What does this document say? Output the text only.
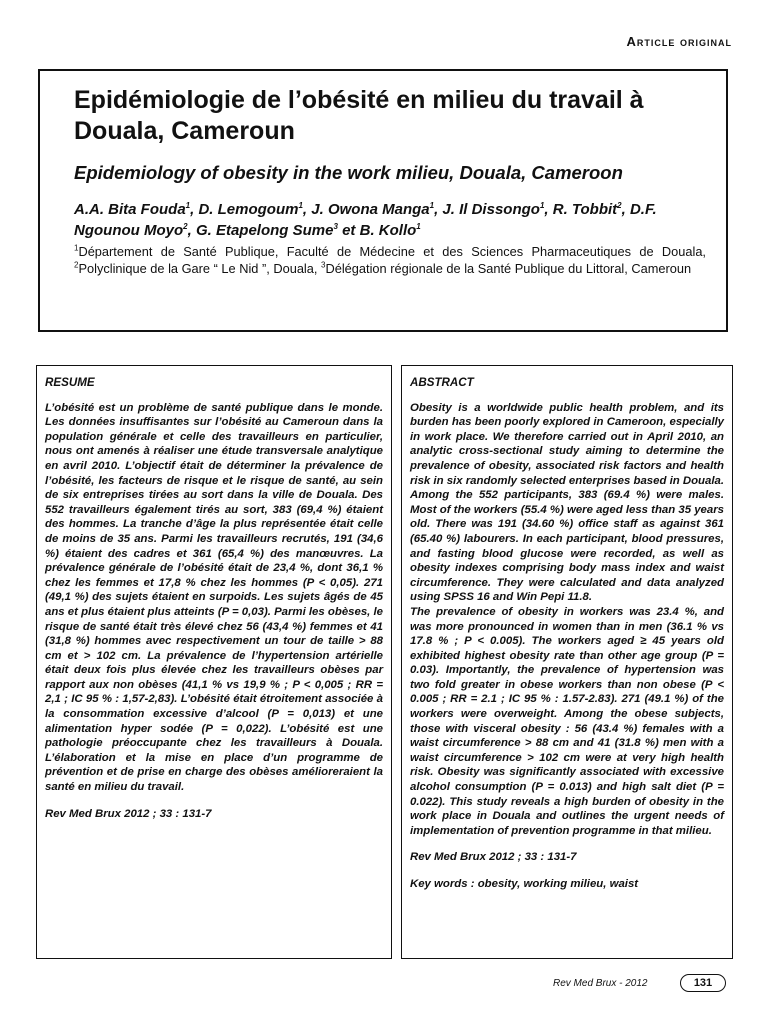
Article original
Epidémiologie de l’obésité en milieu du travail à Douala, Cameroun
Epidemiology of obesity in the work milieu, Douala, Cameroon

A.A. Bita Fouda$^1$, D. Lemogoum$^1$, J. Owona Manga$^1$, J. Il Dissongo$^1$, R. Tobbit$^2$, D.F. Ngounou Moyo$^2$, G. Etapelong Sume$^3$ et B. Kollo$^1$

$^1$Département de Santé Publique, Faculté de Médecine et des Sciences Pharmaceutiques de Douala, $^2$Polyclinique de la Gare “ Le Nid ”, Douala, $^3$Délégation régionale de la Santé Publique du Littoral, Cameroun

RESUME

L’obésité est un problème de santé publique dans le monde. Les données insuffisantes sur l’obésité au Cameroun dans la population générale et celle des travailleurs en particulier, nous ont amenés à réaliser une étude transversale analytique en avril 2010. L’objectif était de déterminer la prévalence de l’obésité, les facteurs de risque et le risque de santé, au sein de six entreprises tirées au sort dans la ville de Douala. Des 552 travailleurs également tirés au sort, 383 (69,4 %) étaient des hommes. La tranche d’âge la plus représentée était celle de moins de 35 ans. Parmi les travailleurs recrutés, 191 (34,6 %) étaient des cadres et 361 (65,4 %) des manœuvres. La prévalence générale de l’obésité était de 23,4 %, dont 36,1 % chez les femmes et 17,8 % chez les hommes (P < 0,05). 271 (49,1 %) des sujets étaient en surpoids. Les sujets âgés de 45 ans et plus étaient plus atteints (P = 0,03). Parmi les obèses, le risque de santé était très élevé chez 56 (43,4 %) femmes et 41 (31,8 %) hommes avec respectivement un tour de taille > 88 cm et > 102 cm. La prévalence de l’hypertension artérielle était deux fois plus élevée chez les travailleurs obèses par rapport aux non obèses (41,1 % vs 19,9 % ; P < 0,005 ; RR = 2,1 ; IC 95 % : 1,57-2,83). L’obésité était étroitement associée à la consommation excessive d’alcool (P = 0,013) et une alimentation hyper sodée (P = 0,022). L’obésité est une pathologie préoccupante chez les travailleurs à Douala. L’élaboration et la mise en place d’un programme de prévention et de prise en charge des obèses amélioreraient la santé en milieu du travail.

Rev Med Brux 2012 ; 33 : 131-7

ABSTRACT

Obesity is a worldwide public health problem, and its burden has been poorly explored in Cameroon, especially in work place. We therefore carried out in April 2010, an analytic cross-sectional study aiming to determine the prevalence of obesity, associated risk factors and health risk in six randomly selected enterprises based in Douala. Among the 552 participants, 383 (69.4 %) were males. Most of the workers (55.4 %) were aged less than 35 years old. There was 191 (34.60 %) office staff as against 361 (65.40 %) labourers. In each participant, blood pressures, and fasting blood glucose were recorded, as well as obesity indexes comprising body mass index and waist circumference. They were calculated and data analyzed using SPSS 16 and Win Pepi 11.8.

The prevalence of obesity in workers was 23.4 %, and was more pronounced in women than in men (36.1 % vs 17.8 % ; P < 0.005). The workers aged ≥ 45 years old exhibited highest obesity rate than other age group (P = 0.03). Importantly, the prevalence of hypertension was two fold greater in obese workers than non obese (P < 0.005 ; RR = 2.1 ; IC 95 % : 1.57-2.83). 271 (49.1 %) of the workers were overweight. Among the obese subjects, those with visceral obesity : 56 (43.4 %) females with a waist circumference > 88 cm and 41 (31.8 %) men with a waist circumference > 102 cm were at very high health risk. Obesity was significantly associated with excessive alcohol consumption (P = 0.013) and high salt diet (P = 0.022). This study reveals a high burden of obesity in the work place in Douala and outlines the urgent needs of implementation of prevention programme in that milieu.

Rev Med Brux 2012 ; 33 : 131-7

Key words : obesity, working milieu, waist

Rev Med Brux - 2012	131
